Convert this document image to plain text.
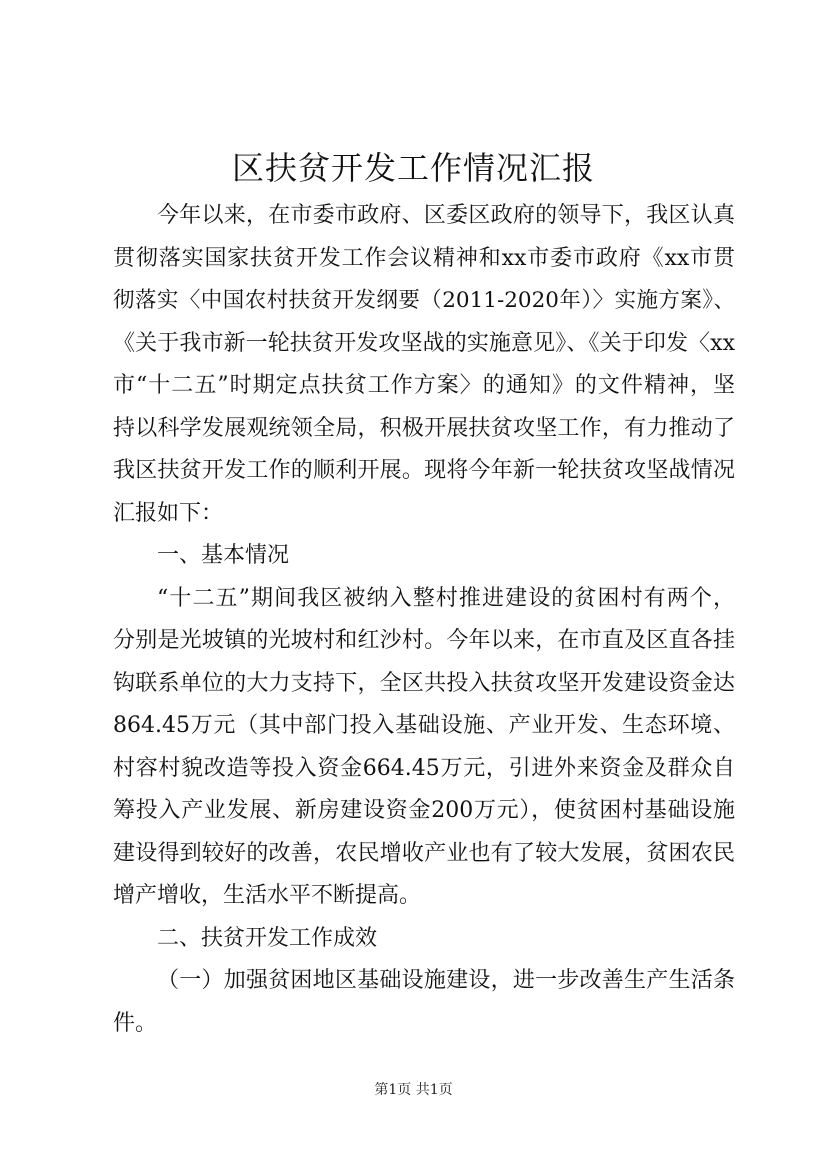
区扶贫开发工作情况汇报
今年以来，在市委市政府、区委区政府的领导下，我区认真
贯彻落实国家扶贫开发工作会议精神和xx市委市政府《xx市贯
彻落实〈中国农村扶贫开发纲要（2011-2020年）〉实施方案》、
《关于我市新一轮扶贫开发攻坚战的实施意见》、《关于印发〈xx
市“十二五”时期定点扶贫工作方案〉的通知》的文件精神，坚
持以科学发展观统领全局，积极开展扶贫攻坚工作，有力推动了
我区扶贫开发工作的顺利开展。现将今年新一轮扶贫攻坚战情况
汇报如下：
一、基本情况
“十二五”期间我区被纳入整村推进建设的贫困村有两个，
分别是光坡镇的光坡村和红沙村。今年以来，在市直及区直各挂
钩联系单位的大力支持下，全区共投入扶贫攻坚开发建设资金达
864.45万元（其中部门投入基础设施、产业开发、生态环境、
村容村貌改造等投入资金664.45万元，引进外来资金及群众自
筹投入产业发展、新房建设资金200万元），使贫困村基础设施
建设得到较好的改善，农民增收产业也有了较大发展，贫困农民
增产增收，生活水平不断提高。
二、扶贫开发工作成效
（一）加强贫困地区基础设施建设，进一步改善生产生活条
件。
第1页 共1页
